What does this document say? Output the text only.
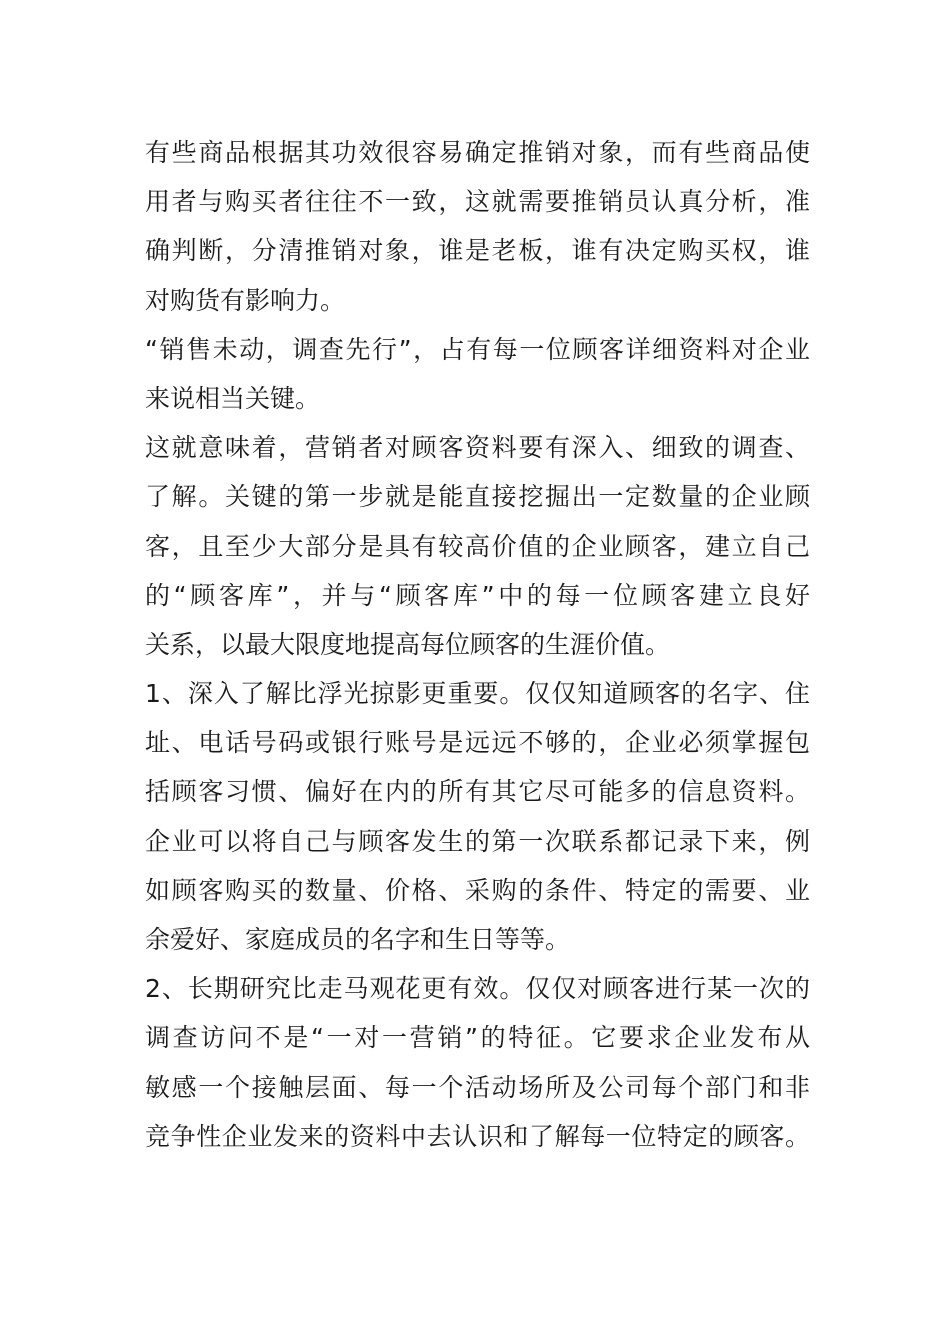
有些商品根据其功效很容易确定推销对象，而有些商品使
用者与购买者往往不一致，这就需要推销员认真分析，准
确判断，分清推销对象，谁是老板，谁有决定购买权，谁
对购货有影响力。
“销售未动，调查先行”，占有每一位顾客详细资料对企业
来说相当关键。
这就意味着，营销者对顾客资料要有深入、细致的调查、
了解。关键的第一步就是能直接挖掘出一定数量的企业顾
客，且至少大部分是具有较高价值的企业顾客，建立自己
的“顾客库”，并与“顾客库”中的每一位顾客建立良好
关系，以最大限度地提高每位顾客的生涯价值。
1、深入了解比浮光掠影更重要。仅仅知道顾客的名字、住
址、电话号码或银行账号是远远不够的，企业必须掌握包
括顾客习惯、偏好在内的所有其它尽可能多的信息资料。
企业可以将自己与顾客发生的第一次联系都记录下来，例
如顾客购买的数量、价格、采购的条件、特定的需要、业
余爱好、家庭成员的名字和生日等等。
2、长期研究比走马观花更有效。仅仅对顾客进行某一次的
调查访问不是“一对一营销”的特征。它要求企业发布从
敏感一个接触层面、每一个活动场所及公司每个部门和非
竞争性企业发来的资料中去认识和了解每一位特定的顾客。
